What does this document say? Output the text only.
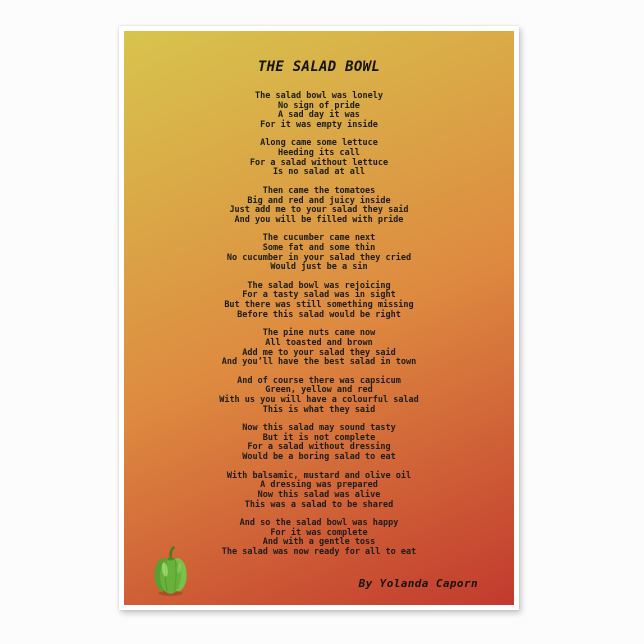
THE SALAD BOWL

The salad bowl was lonely
No sign of pride
A sad day it was
For it was empty inside

Along came some lettuce
Heeding its call
For a salad without lettuce
Is no salad at all

Then came the tomatoes
Big and red and juicy inside
Just add me to your salad they said
And you will be filled with pride

The cucumber came next
Some fat and some thin
No cucumber in your salad they cried
Would just be a sin

The salad bowl was rejoicing
For a tasty salad was in sight
But there was still something missing
Before this salad would be right

The pine nuts came now
All toasted and brown
Add me to your salad they said
And you’ll have the best salad in town

And of course there was capsicum
Green, yellow and red
With us you will have a colourful salad
This is what they said

Now this salad may sound tasty
But it is not complete
For a salad without dressing
Would be a boring salad to eat

With balsamic, mustard and olive oil
A dressing was prepared
Now this salad was alive
This was a salad to be shared

And so the salad bowl was happy
For it was complete
And with a gentle toss
The salad was now ready for all to eat

By Yolanda Caporn
